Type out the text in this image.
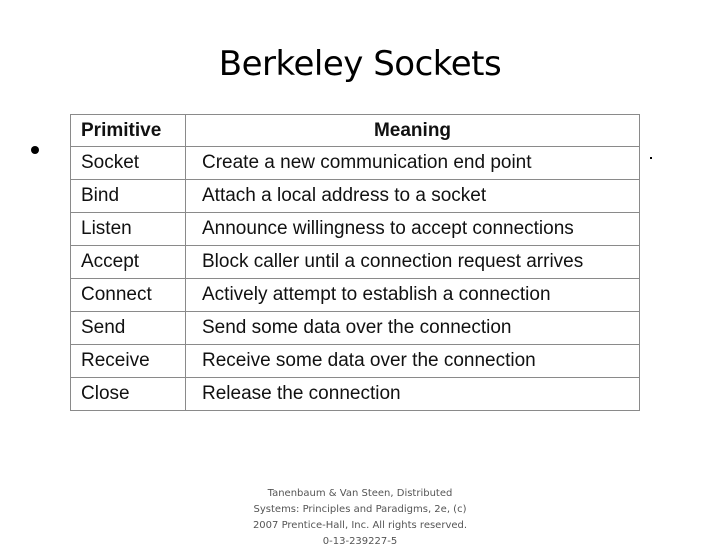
Berkeley Sockets
Primitive	Meaning
Socket	Create a new communication end point
Bind	Attach a local address to a socket
Listen	Announce willingness to accept connections
Accept	Block caller until a connection request arrives
Connect	Actively attempt to establish a connection
Send	Send some data over the connection
Receive	Receive some data over the connection
Close	Release the connection
Tanenbaum & Van Steen, Distributed
Systems: Principles and Paradigms, 2e, (c)
2007 Prentice-Hall, Inc. All rights reserved.
0-13-239227-5
